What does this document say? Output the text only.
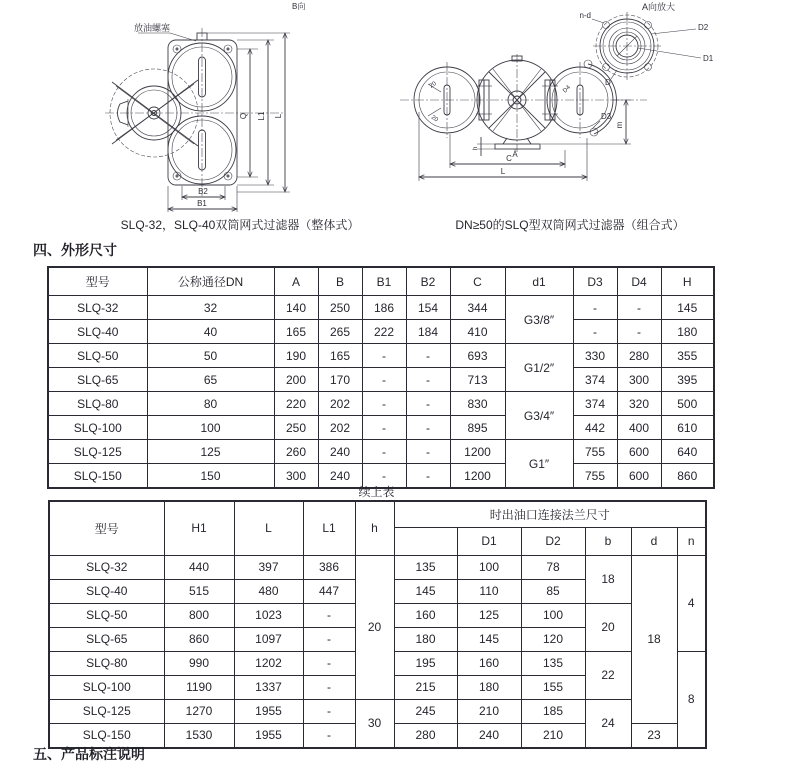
B向
放油螺塞
Q L1 L
B2
B1
A向放大
n-d
D2
D1
D
20
20
D4
D3
m
h
A
C
L
SLQ-32，SLQ-40双筒网式过滤器（整体式）	DN≥50的SLQ型双筒网式过滤器（组合式）
四、外形尺寸
型号	公称通径DN	A	B	B1	B2	C	d1	D3	D4	H
SLQ-32	32	140	250	186	154	344	G3/8″	-	-	145
SLQ-40	40	165	265	222	184	410		-	-	180
SLQ-50	50	190	165	-	-	693	G1/2″	330	280	355
SLQ-65	65	200	170	-	-	713		374	300	395
SLQ-80	80	220	202	-	-	830	G3/4″	374	320	500
SLQ-100	100	250	202	-	-	895		442	400	610
SLQ-125	125	260	240	-	-	1200	G1″	755	600	640
SLQ-150	150	300	240	-	-	1200		755	600	860
续上表
型号	H1	L	L1	h	时出油口连接法兰尺寸					
						D1	D2	b	d	n
SLQ-32	440	397	386	20	135	100	78	18	18	4
SLQ-40	515	480	447		145	110	85			
SLQ-50	800	1023	-		160	125	100	20		
SLQ-65	860	1097	-		180	145	120			
SLQ-80	990	1202	-		195	160	135	22		8
SLQ-100	1190	1337	-		215	180	155			
SLQ-125	1270	1955	-	30	245	210	185	24		
SLQ-150	1530	1955	-		280	240	210		23	
五、产品标注说明
